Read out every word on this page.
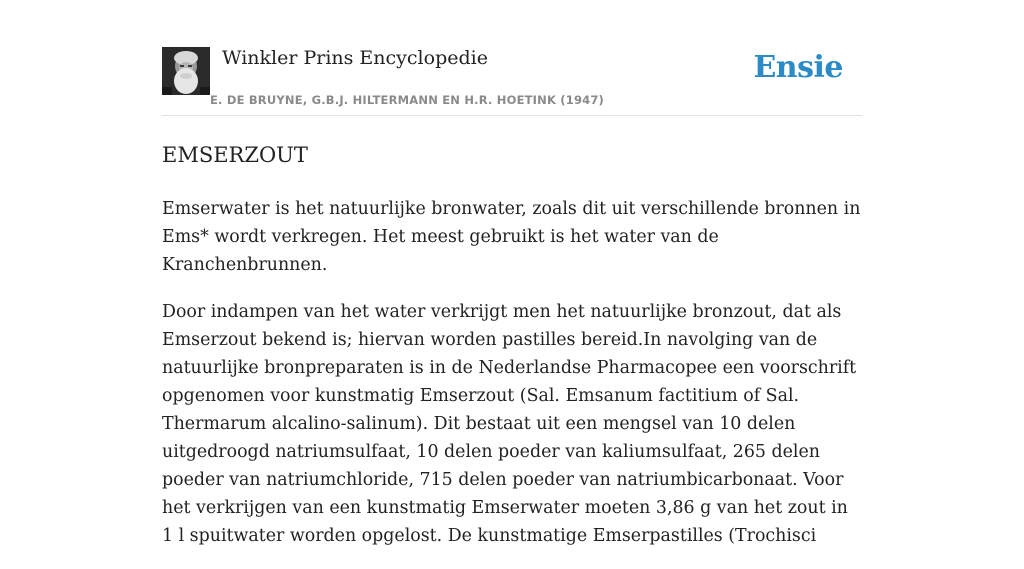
Winkler Prins Encyclopedie
E. DE BRUYNE, G.B.J. HILTERMANN EN H.R. HOETINK (1947)
Ensie
EMSERZOUT

Emserwater is het natuurlijke bronwater, zoals dit uit verschillende bronnen in Ems* wordt verkregen. Het meest gebruikt is het water van de Kranchenbrunnen.

Door indampen van het water verkrijgt men het natuurlijke bronzout, dat als Emserzout bekend is; hiervan worden pastilles bereid.In navolging van de natuurlijke bronpreparaten is in de Nederlandse Pharmacopee een voorschrift opgenomen voor kunstmatig Emserzout (Sal. Emsanum factitium of Sal. Thermarum alcalino-salinum). Dit bestaat uit een mengsel van 10 delen uitgedroogd natriumsulfaat, 10 delen poeder van kaliumsulfaat, 265 delen poeder van natriumchloride, 715 delen poeder van natriumbicarbonaat. Voor het verkrijgen van een kunstmatig Emserwater moeten 3,86 g van het zout in 1 l spuitwater worden opgelost. De kunstmatige Emserpastilles (Trochisci
